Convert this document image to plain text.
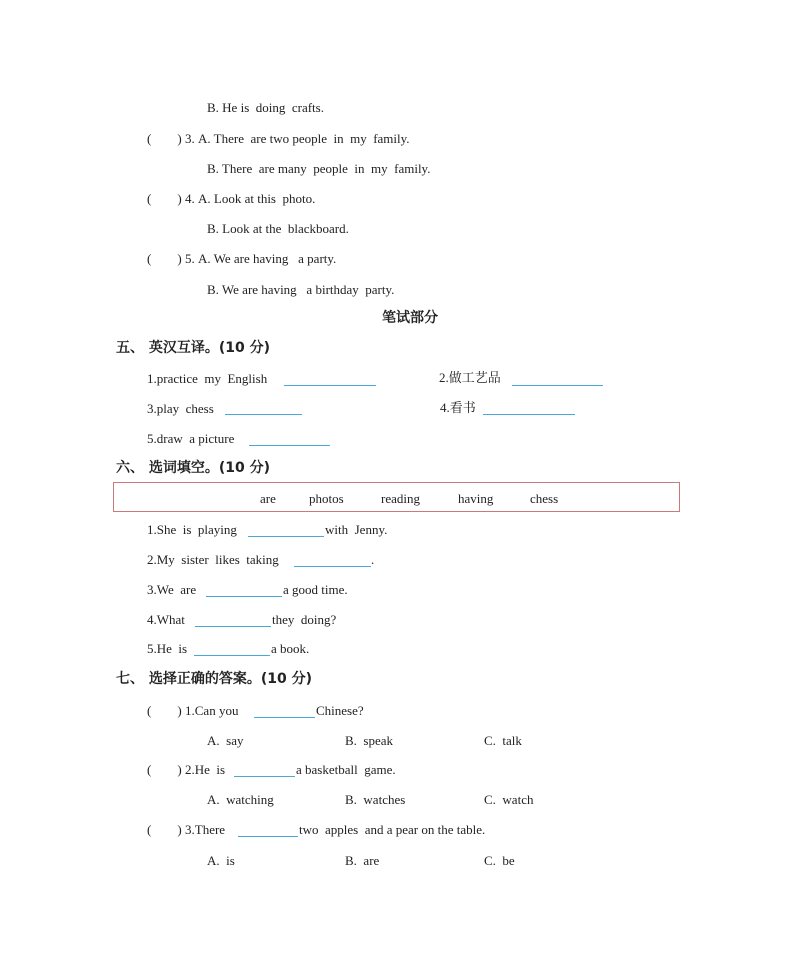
B. He is  doing  crafts.
(        ) 3. A. There  are two people  in  my  family.
B. There  are many  people  in  my  family.
(        ) 4. A. Look at this  photo.
B. Look at the  blackboard.
(        ) 5. A. We are having   a party.
B. We are having   a birthday  party.
笔试部分
五、 英汉互译。(10 分)
1.practice  my  English	2.做工艺品
3.play  chess	4.看书
5.draw  a picture
六、 选词填空。(10 分)
are	photos	reading	having	chess
1.She  is  playing	with  Jenny.
2.My  sister  likes  taking	.
3.We  are	a good time.
4.What	they  doing?
5.He  is	a book.
七、 选择正确的答案。(10 分)
(        ) 1.Can you	Chinese?
A.  say	B.  speak	C.  talk
(        ) 2.He  is	a basketball  game.
A.  watching	B.  watches	C.  watch
(        ) 3.There	two  apples  and a pear on the table.
A.  is	B.  are	C.  be
